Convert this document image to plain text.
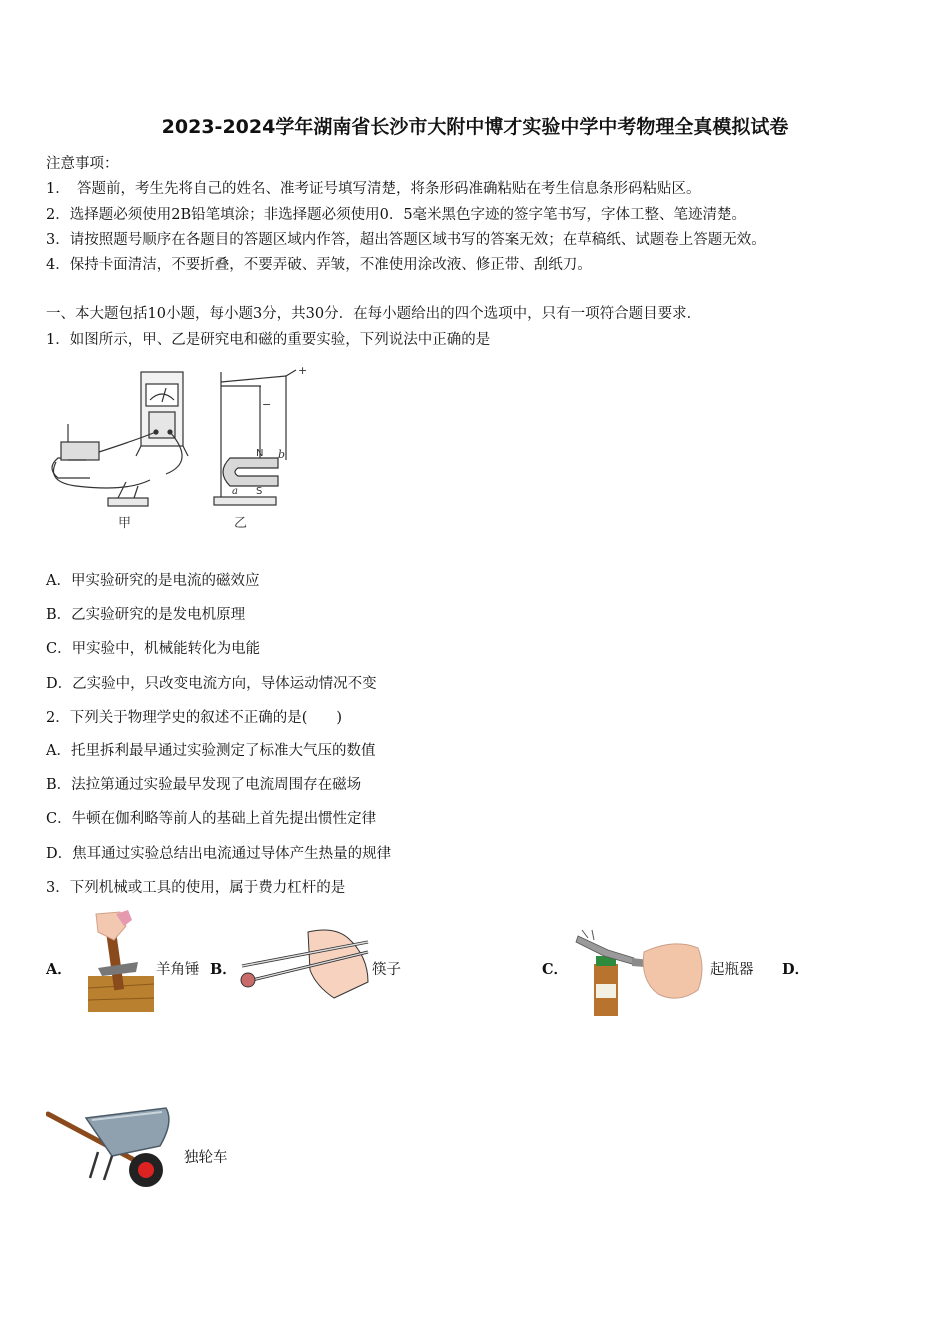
2023-2024学年湖南省长沙市大附中博才实验中学中考物理全真模拟试卷
注意事项：
1．　答题前，考生先将自己的姓名、准考证号填写清楚，将条形码准确粘贴在考生信息条形码粘贴区。
2．选择题必须使用2B铅笔填涂；非选择题必须使用0．5毫米黑色字迹的签字笔书写，字体工整、笔迹清楚。
3．请按照题号顺序在各题目的答题区域内作答，超出答题区域书写的答案无效；在草稿纸、试题卷上答题无效。
4．保持卡面清洁，不要折叠，不要弄破、弄皱，不准使用涂改液、修正带、刮纸刀。
一、本大题包括10小题，每小题3分，共30分．在每小题给出的四个选项中，只有一项符合题目要求．
1．如图所示，甲、乙是研究电和磁的重要实验，下列说法中正确的是
甲
+
−
N
S
a
b
乙
A．甲实验研究的是电流的磁效应
B．乙实验研究的是发电机原理
C．甲实验中，机械能转化为电能
D．乙实验中，只改变电流方向，导体运动情况不变
2．下列关于物理学史的叙述不正确的是(　　)
A．托里拆利最早通过实验测定了标准大气压的数值
B．法拉第通过实验最早发现了电流周围存在磁场
C．牛顿在伽利略等前人的基础上首先提出惯性定律
D．焦耳通过实验总结出电流通过导体产生热量的规律
3．下列机械或工具的使用，属于费力杠杆的是
A．	羊角锤 B．	筷子	C．	起瓶器 D．
独轮车
